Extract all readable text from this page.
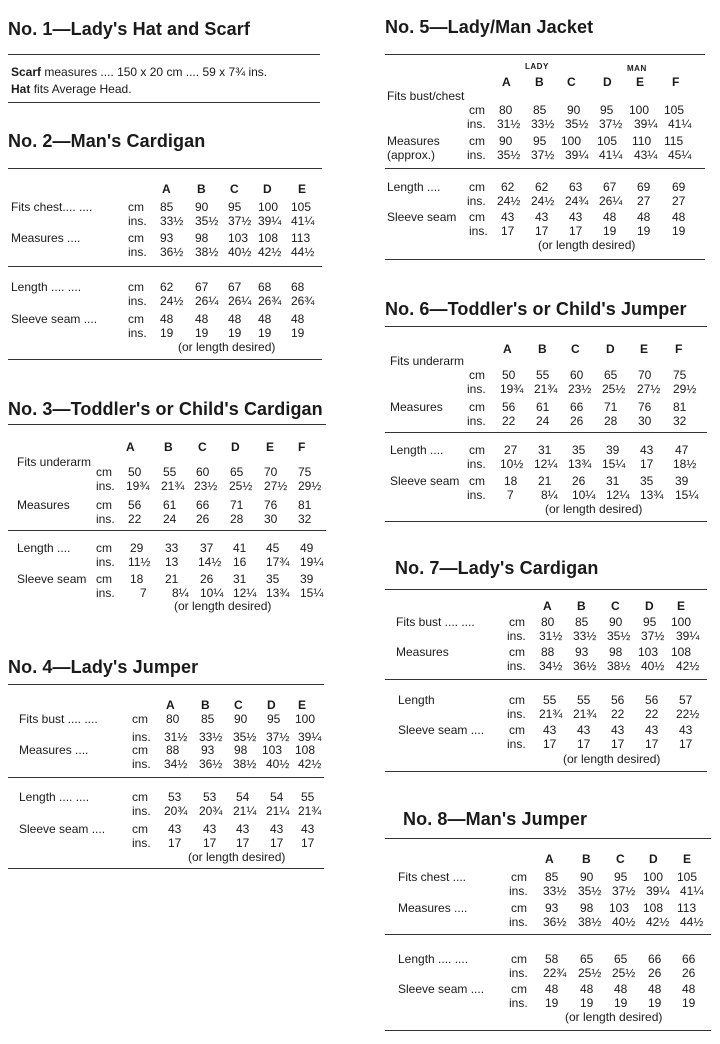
No. 1—Lady's Hat and Scarf
Scarf measures .... 150 x 20 cm .... 59 x 7¾ ins.
Hat fits Average Head.
No. 2—Man's Cardigan
A B C D E
Fits chest.... ....	cm 85 90 95 100 105
ins. 33½ 35½ 37½ 39¼ 41¼
Measures ....	cm 93 98 103 108 113
ins. 36½ 38½ 40½ 42½ 44½
Length .... ....	cm 62 67 67 68 68
ins. 24½ 26¼ 26¼ 26¾ 26¾
Sleeve seam ....	cm 48 48 48 48 48
ins. 19 19 19 19 19
(or length desired)
No. 3—Toddler's or Child's Cardigan
A B C D E F
Fits underarm
cm 50 55 60 65 70 75
ins. 19¾ 21¾ 23½ 25½ 27½ 29½
Measures cm 56 61 66 71 76 81
ins. 22 24 26 28 30 32
Length .... cm 29 33 37 41 45 49
ins. 11½ 13 14½ 16 17¾ 19¼
Sleeve seam cm 18 21 26 31 35 39
ins. 7 8¼ 10¼ 12¼ 13¾ 15¼
(or length desired)
No. 4—Lady's Jumper
A B C D E
Fits bust .... ....	cm 80 85 90 95 100
ins. 31½ 33½ 35½ 37½ 39¼
Measures ....	cm 88 93 98 103 108
ins. 34½ 36½ 38½ 40½ 42½
Length .... ....	cm 53 53 54 54 55
ins. 20¾ 20¾ 21¼ 21¼ 21¾
Sleeve seam .... cm 43 43 43 43 43
ins. 17 17 17 17 17
(or length desired)
No. 5—Lady/Man Jacket
LADY	MAN
A B C D E F
Fits bust/chest
cm 80 85 90 95 100 105
ins. 31½ 33½ 35½ 37½ 39¼ 41¼
Measures cm 90 95 100 105 110 115
(approx.)	ins. 35½ 37½ 39¼ 41¼ 43¼ 45¼
Length .... cm 62 62 63 67 69 69
ins. 24½ 24½ 24¾ 26¼ 27 27
Sleeve seam cm 43 43 43 48 48 48
ins. 17 17 17 19 19 19
(or length desired)
No. 6—Toddler's or Child's Jumper
A B C D E F
Fits underarm
cm 50 55 60 65 70 75
ins. 19¾ 21¾ 23½ 25½ 27½ 29½
Measures cm 56 61 66 71 76 81
ins. 22 24 26 28 30 32
Length .... cm 27 31 35 39 43 47
ins. 10½ 12¼ 13¾ 15¼ 17 18½
Sleeve seam cm 18 21 26 31 35 39
ins. 7 8¼ 10¼ 12¼ 13¾ 15¼
(or length desired)
No. 7—Lady's Cardigan
A B C D E
Fits bust .... ....	cm 80 85 90 95 100
ins. 31½ 33½ 35½ 37½ 39¼
Measures	cm 88 93 98 103 108
ins. 34½ 36½ 38½ 40½ 42½
Length	cm 55 55 56 56 57
ins. 21¾ 21¾ 22 22 22½
Sleeve seam .... cm 43 43 43 43 43
ins. 17 17 17 17 17
(or length desired)
No. 8—Man's Jumper
A B C D E
Fits chest ....	cm 85 90 95 100 105
ins. 33½ 35½ 37½ 39¼ 41¼
Measures ....	cm 93 98 103 108 113
ins. 36½ 38½ 40½ 42½ 44½
Length .... ....	cm 58 65 65 66 66
ins. 22¾ 25½ 25½ 26 26
Sleeve seam .... cm 48 48 48 48 48
ins. 19 19 19 19 19
(or length desired)
